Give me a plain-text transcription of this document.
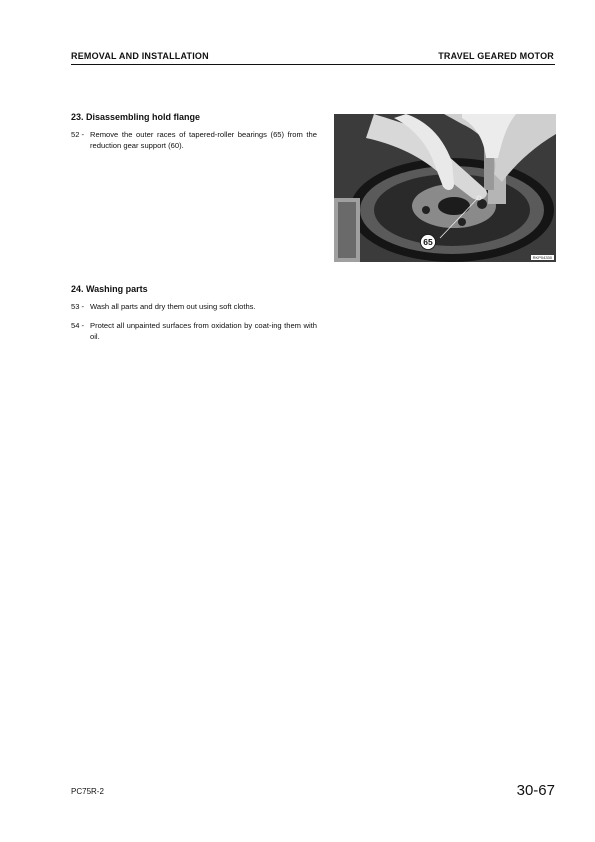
REMOVAL AND INSTALLATION	TRAVEL GEARED MOTOR
23. Disassembling hold flange
52 - Remove the outer races of tapered-roller bearings (65) from the reduction gear support (60).
65
RKP04330
24. Washing parts
53 - Wash all parts and dry them out using soft cloths.
54 - Protect all unpainted surfaces from oxidation by coat-ing them with oil.
PC75R-2	30-67
